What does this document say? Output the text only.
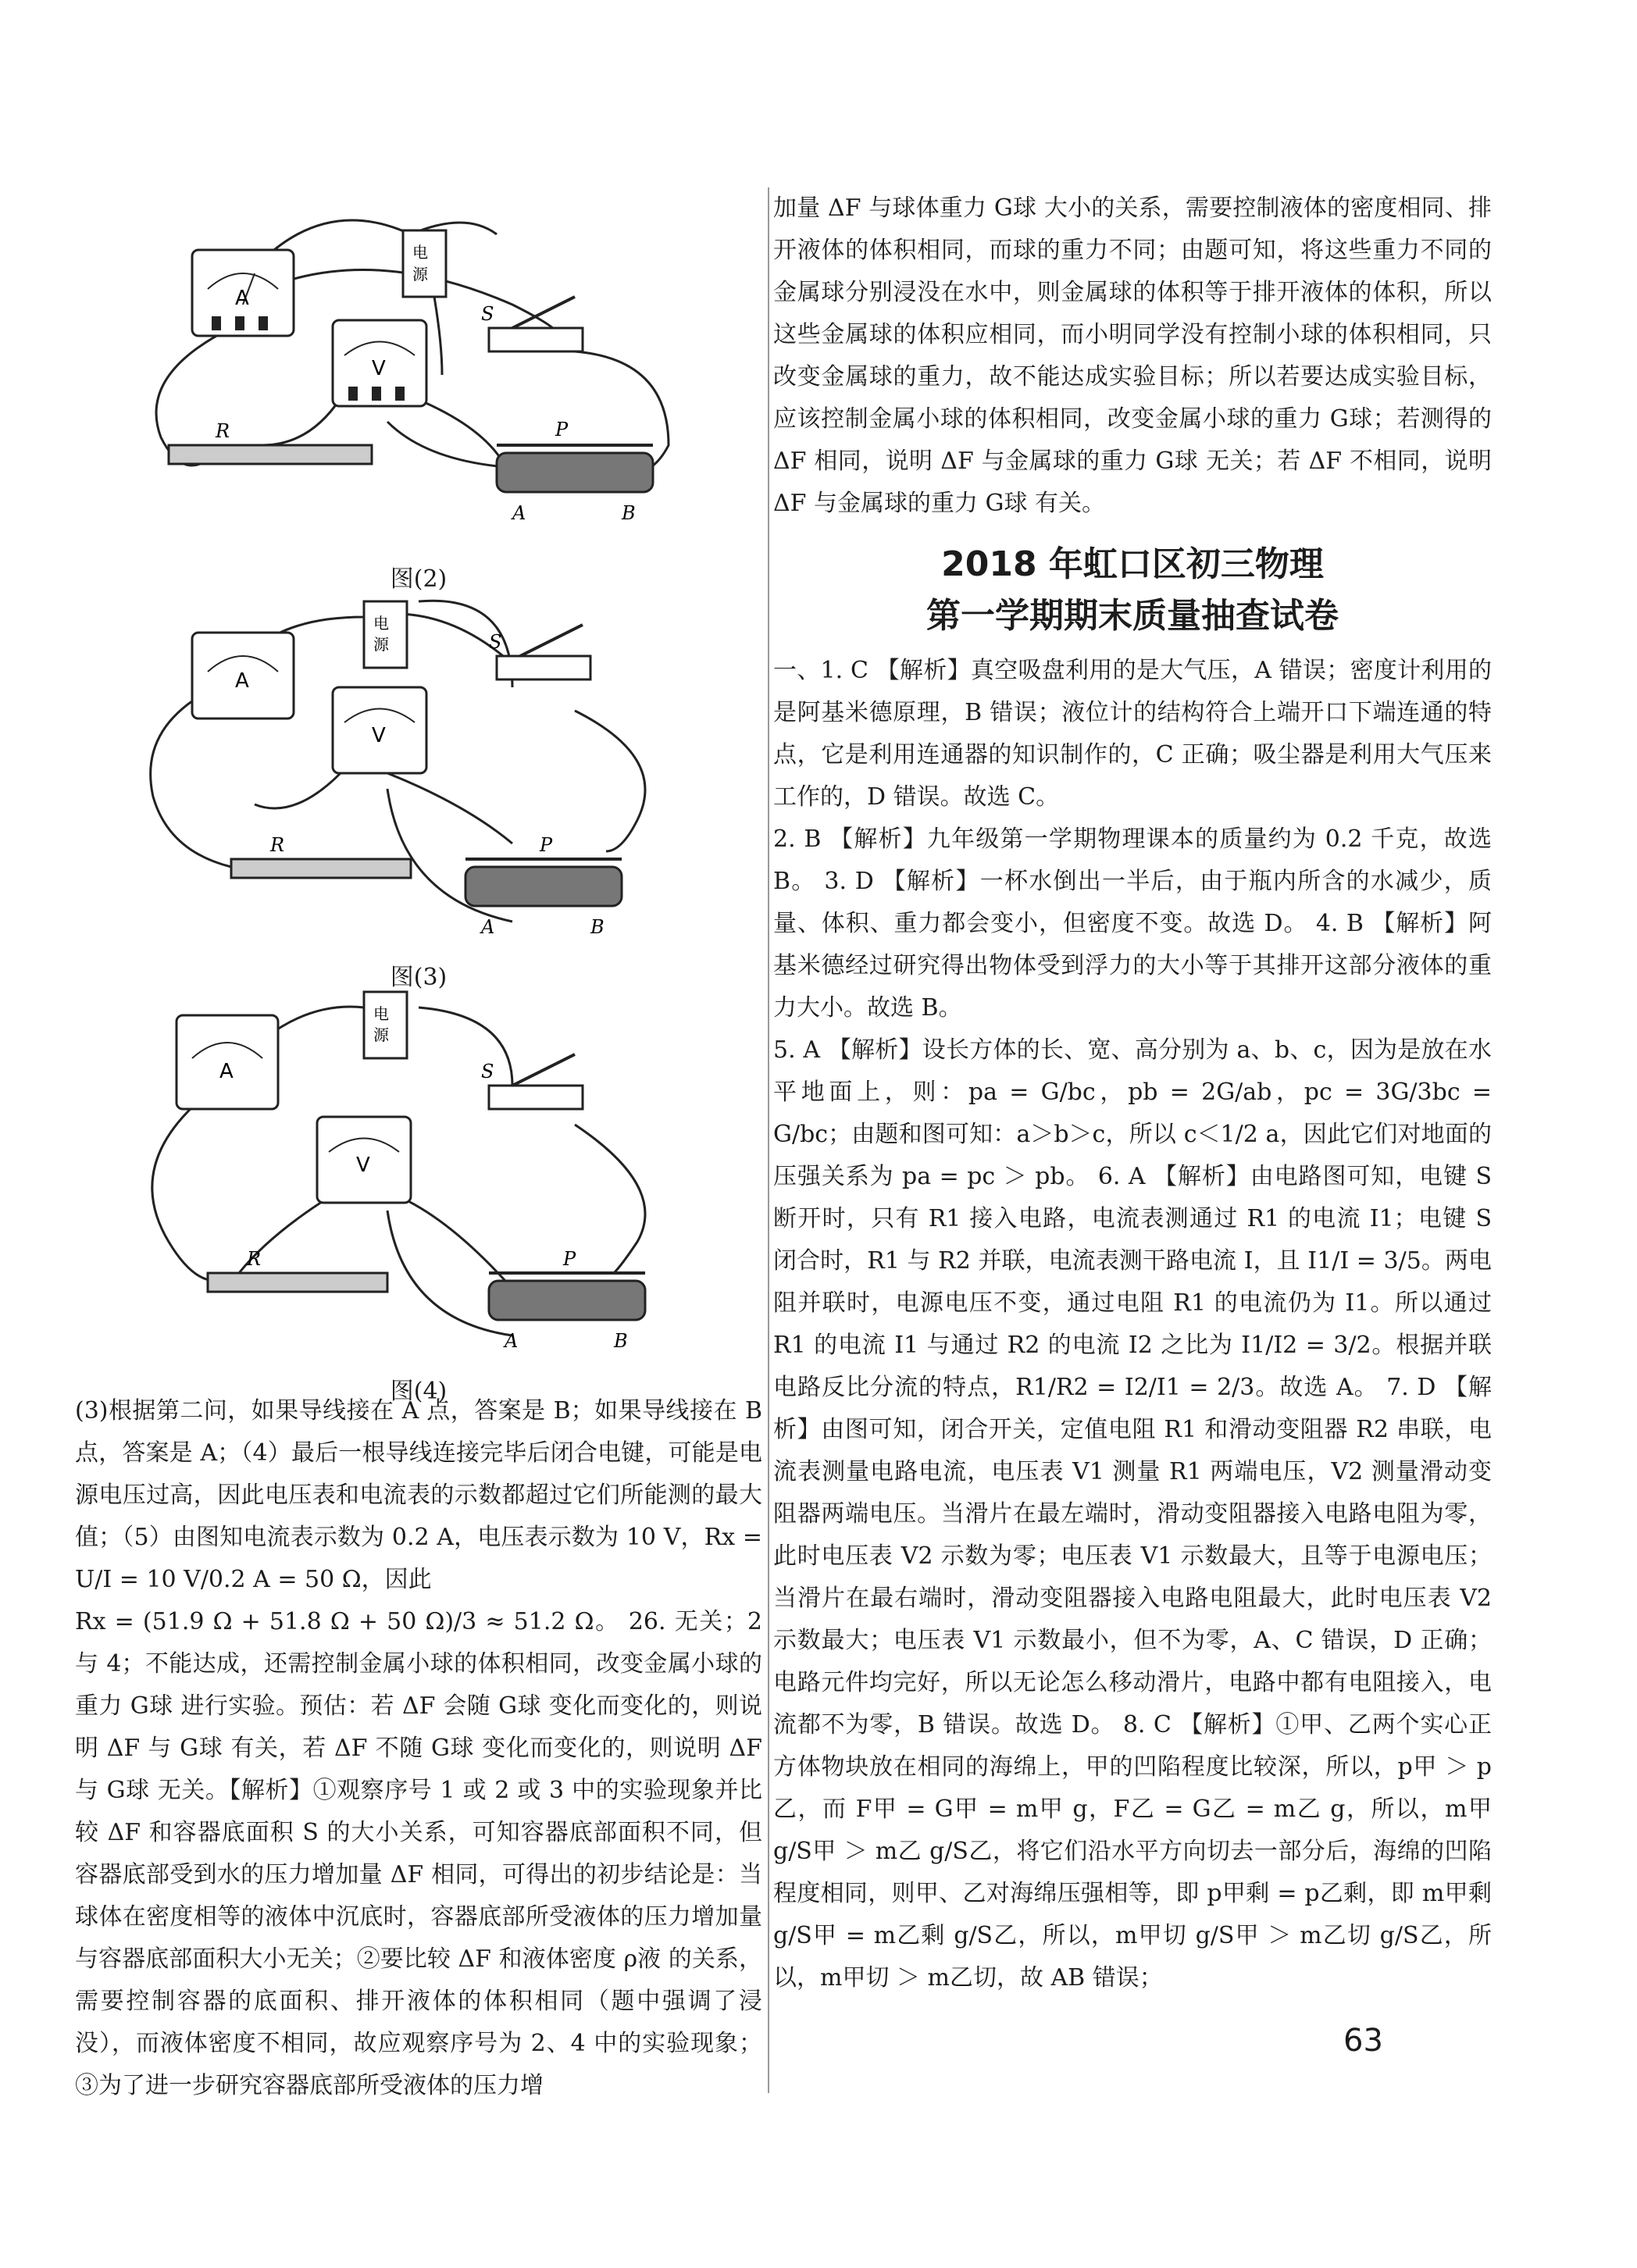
A
电
源
V
S
R	P
A	B
图(2)
A
电
源
V
S
R	P
A	B
图(3)
A
电
源
V
S
R	P
A	B
图(4)

(3)根据第二问，如果导线接在 A 点，答案是 B；如果导线接在 B 点，答案是 A；（4）最后一根导线连接完毕后闭合电键，可能是电源电压过高，因此电压表和电流表的示数都超过它们所能测的最大值；（5）由图知电流表示数为 0.2 A，电压表示数为 10 V，Rx = U/I = 10 V/0.2 A = 50 Ω，因此

Rx = (51.9 Ω + 51.8 Ω + 50 Ω)/3 ≈ 51.2 Ω。 26. 无关；2 与 4；不能达成，还需控制金属小球的体积相同，改变金属小球的重力 G球 进行实验。预估：若 ΔF 会随 G球 变化而变化的，则说明 ΔF 与 G球 有关，若 ΔF 不随 G球 变化而变化的，则说明 ΔF 与 G球 无关。【解析】①观察序号 1 或 2 或 3 中的实验现象并比较 ΔF 和容器底面积 S 的大小关系，可知容器底部面积不同，但容器底部受到水的压力增加量 ΔF 相同，可得出的初步结论是：当球体在密度相等的液体中沉底时，容器底部所受液体的压力增加量与容器底部面积大小无关；②要比较 ΔF 和液体密度 ρ液 的关系，需要控制容器的底面积、排开液体的体积相同（题中强调了浸没），而液体密度不相同，故应观察序号为 2、4 中的实验现象；③为了进一步研究容器底部所受液体的压力增

加量 ΔF 与球体重力 G球 大小的关系，需要控制液体的密度相同、排开液体的体积相同，而球的重力不同；由题可知，将这些重力不同的金属球分别浸没在水中，则金属球的体积等于排开液体的体积，所以这些金属球的体积应相同，而小明同学没有控制小球的体积相同，只改变金属球的重力，故不能达成实验目标；所以若要达成实验目标，应该控制金属小球的体积相同，改变金属小球的重力 G球；若测得的 ΔF 相同，说明 ΔF 与金属球的重力 G球 无关；若 ΔF 不相同，说明 ΔF 与金属球的重力 G球 有关。

2018 年虹口区初三物理
第一学期期末质量抽查试卷

一、1. C 【解析】真空吸盘利用的是大气压，A 错误；密度计利用的是阿基米德原理，B 错误；液位计的结构符合上端开口下端连通的特点，它是利用连通器的知识制作的，C 正确；吸尘器是利用大气压来工作的，D 错误。故选 C。

2. B 【解析】九年级第一学期物理课本的质量约为 0.2 千克，故选 B。 3. D 【解析】一杯水倒出一半后，由于瓶内所含的水减少，质量、体积、重力都会变小，但密度不变。故选 D。 4. B 【解析】阿基米德经过研究得出物体受到浮力的大小等于其排开这部分液体的重力大小。故选 B。

5. A 【解析】设长方体的长、宽、高分别为 a、b、c，因为是放在水平地面上，则：pa = G/bc，pb = 2G/ab，pc = 3G/3bc = G/bc；由题和图可知：a＞b＞c，所以 c＜1/2 a，因此它们对地面的压强关系为 pa = pc ＞ pb。 6. A 【解析】由电路图可知，电键 S 断开时，只有 R1 接入电路，电流表测通过 R1 的电流 I1；电键 S 闭合时，R1 与 R2 并联，电流表测干路电流 I，且 I1/I = 3/5。两电阻并联时，电源电压不变，通过电阻 R1 的电流仍为 I1。所以通过 R1 的电流 I1 与通过 R2 的电流 I2 之比为 I1/I2 = 3/2。根据并联电路反比分流的特点，R1/R2 = I2/I1 = 2/3。故选 A。 7. D 【解析】由图可知，闭合开关，定值电阻 R1 和滑动变阻器 R2 串联，电流表测量电路电流，电压表 V1 测量 R1 两端电压，V2 测量滑动变阻器两端电压。当滑片在最左端时，滑动变阻器接入电路电阻为零，此时电压表 V2 示数为零；电压表 V1 示数最大，且等于电源电压；当滑片在最右端时，滑动变阻器接入电路电阻最大，此时电压表 V2 示数最大；电压表 V1 示数最小，但不为零，A、C 错误，D 正确；电路元件均完好，所以无论怎么移动滑片，电路中都有电阻接入，电流都不为零，B 错误。故选 D。 8. C 【解析】①甲、乙两个实心正方体物块放在相同的海绵上，甲的凹陷程度比较深，所以，p甲 ＞ p乙，而 F甲 = G甲 = m甲 g，F乙 = G乙 = m乙 g，所以，m甲 g/S甲 ＞ m乙 g/S乙，将它们沿水平方向切去一部分后，海绵的凹陷程度相同，则甲、乙对海绵压强相等，即 p甲剩 = p乙剩，即 m甲剩 g/S甲 = m乙剩 g/S乙，所以，m甲切 g/S甲 ＞ m乙切 g/S乙，所以，m甲切 ＞ m乙切，故 AB 错误；

63
